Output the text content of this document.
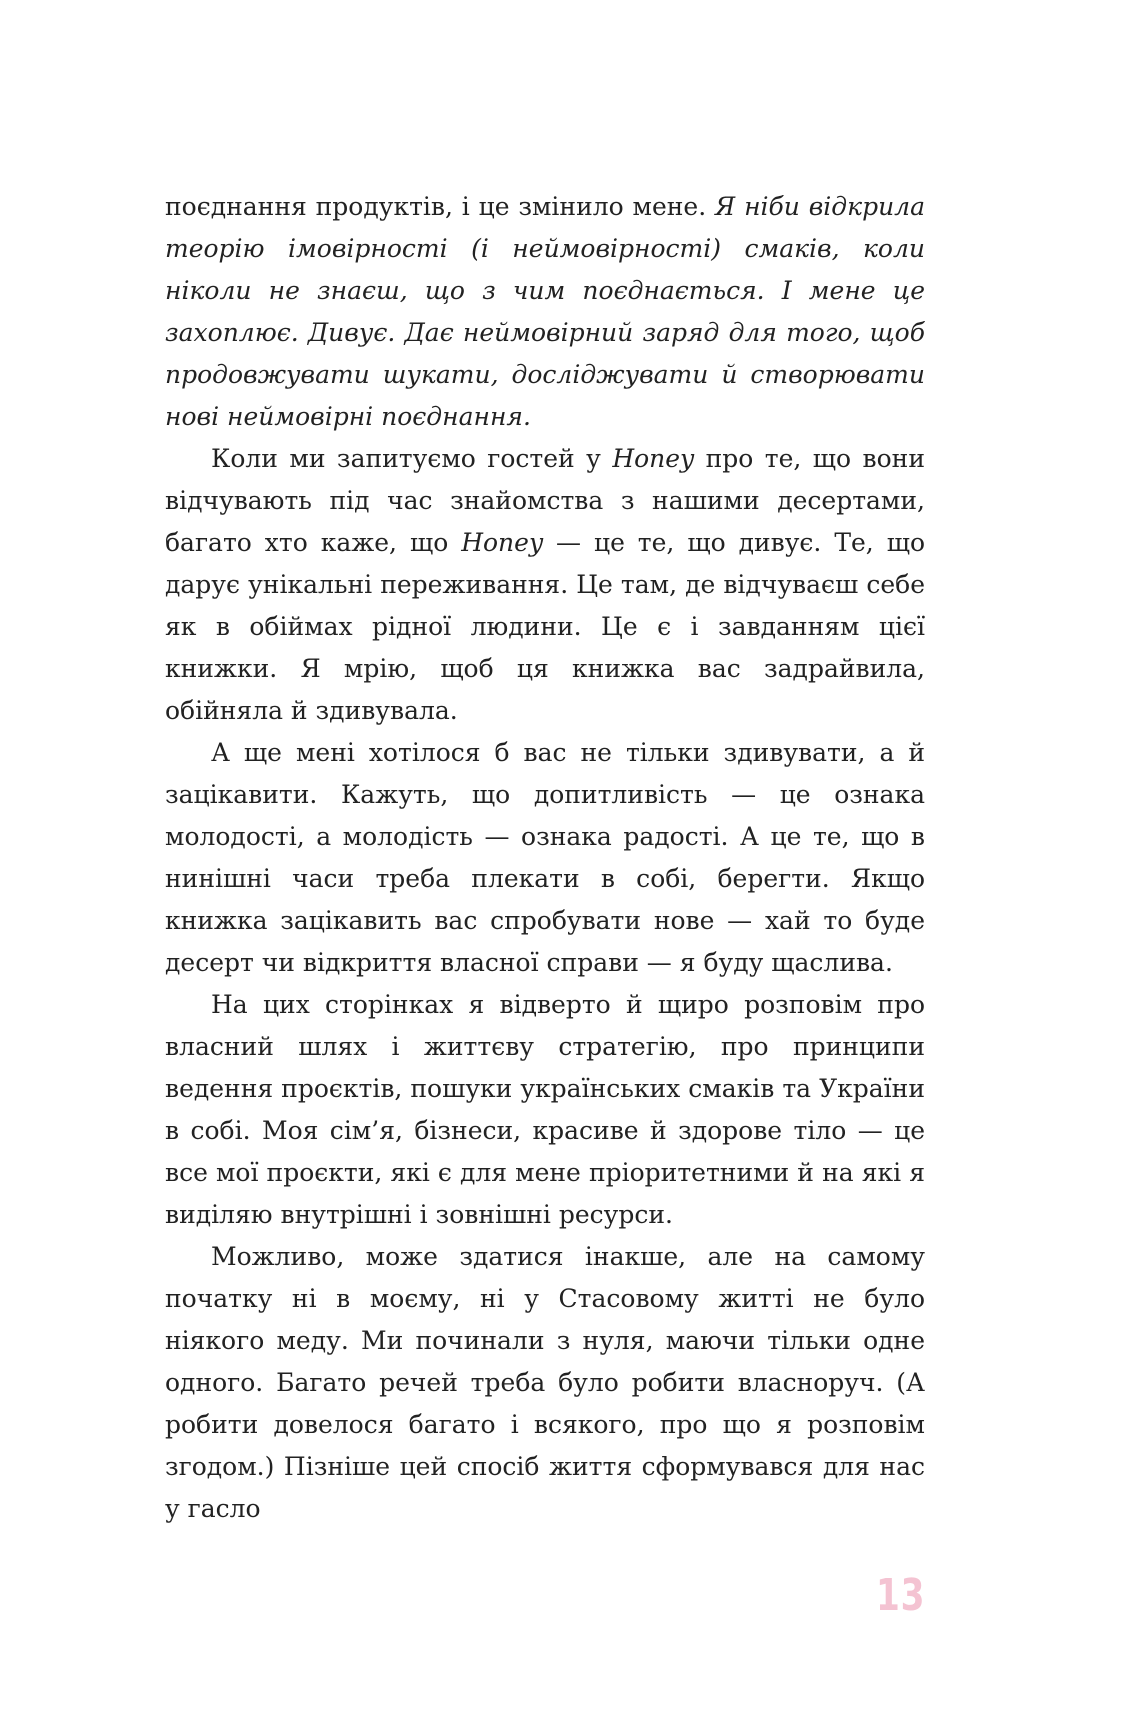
поєднання продуктів, і це змінило мене. Я ніби відкрила теорію імовірності (і неймовірності) смаків, коли ніколи не знаєш, що з чим поєднається. І мене це захоплює. Дивує. Дає неймовірний заряд для того, щоб продовжувати шукати, досліджувати й створювати нові неймовірні поєднання.

Коли ми запитуємо гостей у Honey про те, що вони відчувають під час знайомства з нашими десертами, багато хто каже, що Honey — це те, що дивує. Те, що дарує унікальні переживання. Це там, де відчуваєш себе як в обіймах рідної людини. Це є і завданням цієї книжки. Я мрію, щоб ця книжка вас задрайвила, обійняла й здивувала.

А ще мені хотілося б вас не тільки здивувати, а й зацікавити. Кажуть, що допитливість — це ознака молодості, а молодість — ознака радості. А це те, що в нинішні часи треба плекати в собі, берегти. Якщо книжка зацікавить вас спробувати нове — хай то буде десерт чи відкриття власної справи — я буду щаслива.

На цих сторінках я відверто й щиро розповім про власний шлях і життєву стратегію, про принципи ведення проєктів, пошуки українських смаків та України в собі. Моя сім’я, бізнеси, красиве й здорове тіло — це все мої проєкти, які є для мене пріоритетними й на які я виділяю внутрішні і зовнішні ресурси.

Можливо, може здатися інакше, але на самому початку ні в моєму, ні у Стасовому житті не було ніякого меду. Ми починали з нуля, маючи тільки одне одного. Багато речей треба було робити власноруч. (А робити довелося багато і всякого, про що я розповім згодом.) Пізніше цей спосіб життя сформувався для нас у гасло

13
